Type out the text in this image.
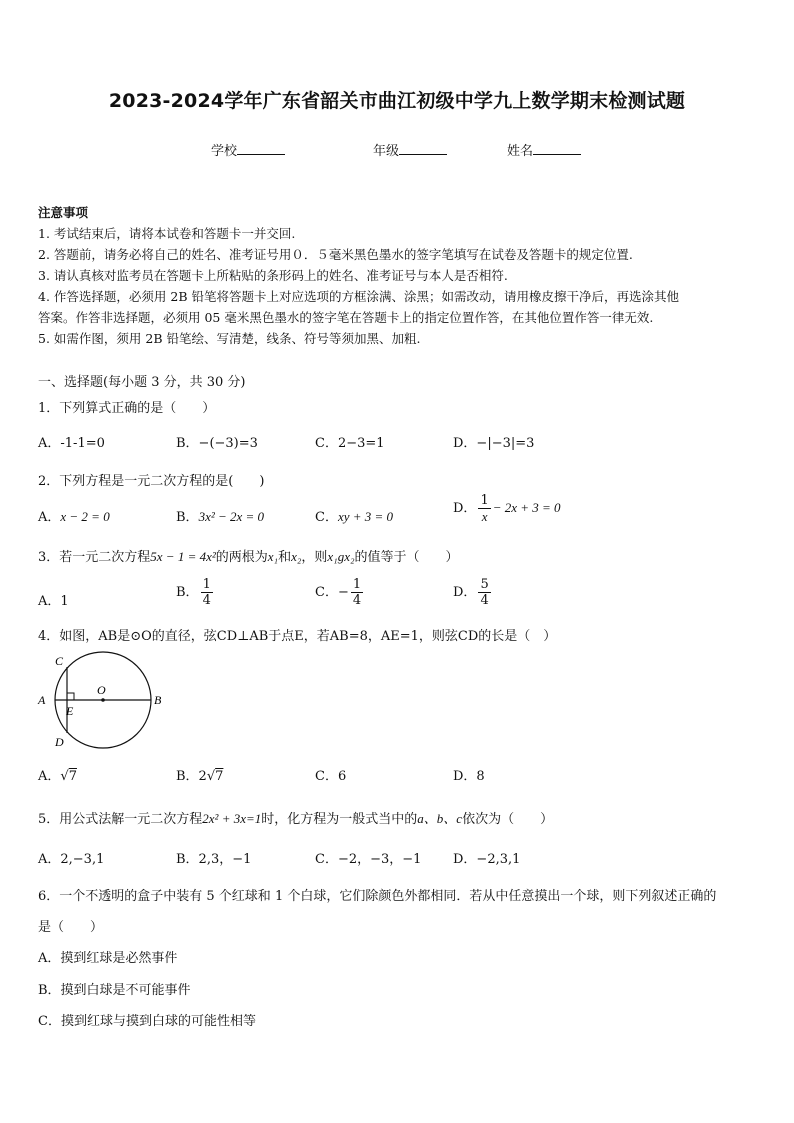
2023-2024学年广东省韶关市曲江初级中学九上数学期末检测试题
学校	年级	姓名
注意事项
1. 考试结束后，请将本试卷和答题卡一并交回.
2. 答题前，请务必将自己的姓名、准考证号用０．５毫米黑色墨水的签字笔填写在试卷及答题卡的规定位置.
3. 请认真核对监考员在答题卡上所粘贴的条形码上的姓名、准考证号与本人是否相符.
4. 作答选择题，必须用 2B 铅笔将答题卡上对应选项的方框涂满、涂黑；如需改动，请用橡皮擦干净后，再选涂其他
答案。作答非选择题，必须用 05 毫米黑色墨水的签字笔在答题卡上的指定位置作答，在其他位置作答一律无效.
5. 如需作图，须用 2B 铅笔绘、写清楚，线条、符号等须加黑、加粗.
一、选择题(每小题 3 分，共 30 分)
1．下列算式正确的是（　　）
A．-1-1=0	B．−(−3)=3	C．2−3=1	D．−|−3|=3
2．下列方程是一元二次方程的是(　　)
A．x − 2 = 0	B．3x² − 2x = 0	C．xy + 3 = 0
D． $\frac{1}{x} - 2x + 3 = 0$
3．若一元二次方程5x − 1 = 4x²的两根为x₁和x₂，则x₁gx₂的值等于（　　）
A．1
B． $\frac{1}{4}$	C．− $\frac{1}{4}$	D． $\frac{5}{4}$
4．如图，AB是⊙O的直径，弦CD⊥AB于点E，若AB=8，AE=1，则弦CD的长是（　）
C
A	B
O
E
D
A．√7	B．2√7	C．6	D．8
5．用公式法解一元二次方程2x² + 3x=1时，化方程为一般式当中的a、b、c依次为（　　）
A．2,−3,1	B．2,3，−1	C．−2，−3，−1 D．−2,3,1
6．一个不透明的盒子中装有 5 个红球和 1 个白球，它们除颜色外都相同．若从中任意摸出一个球，则下列叙述正确的
是（　　）
A．摸到红球是必然事件
B．摸到白球是不可能事件
C．摸到红球与摸到白球的可能性相等
